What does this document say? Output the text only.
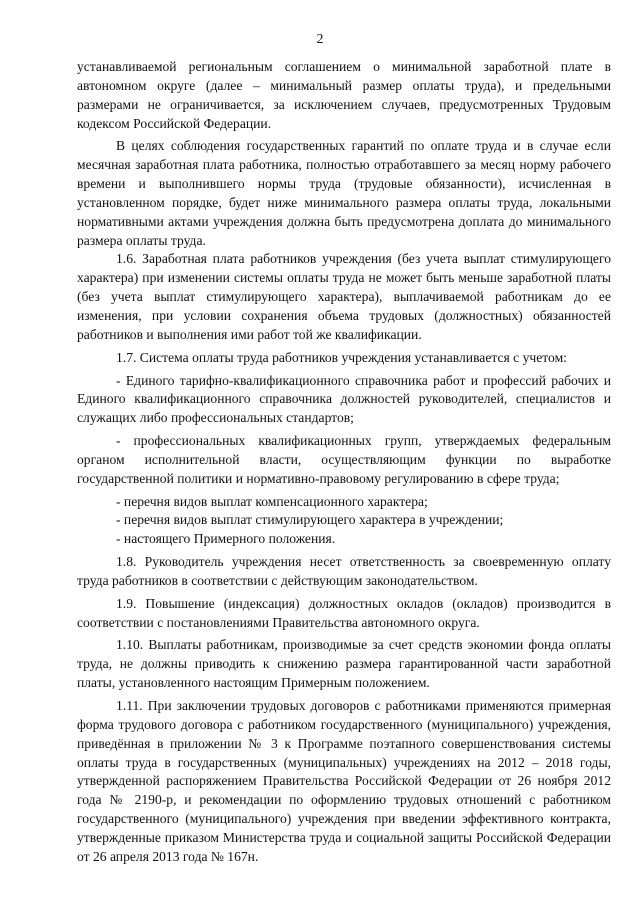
2

устанавливаемой региональным соглашением о минимальной заработной плате в автономном округе (далее – минимальный размер оплаты труда), и предельными размерами не ограничивается, за исключением случаев, предусмотренных Трудовым кодексом Российской Федерации.

В целях соблюдения государственных гарантий по оплате труда и в случае если месячная заработная плата работника, полностью отработавшего за месяц норму рабочего времени и выполнившего нормы труда (трудовые обязанности), исчисленная в установленном порядке, будет ниже минимального размера оплаты труда, локальными нормативными актами учреждения должна быть предусмотрена доплата до минимального размера оплаты труда.

1.6. Заработная плата работников учреждения (без учета выплат стимулирующего характера) при изменении системы оплаты труда не может быть меньше заработной платы (без учета выплат стимулирующего характера), выплачиваемой работникам до ее изменения, при условии сохранения объема трудовых (должностных) обязанностей работников и выполнения ими работ той же квалификации.

1.7. Система оплаты труда работников учреждения устанавливается с учетом:

- Единого тарифно-квалификационного справочника работ и профессий рабочих и Единого квалификационного справочника должностей руководителей, специалистов и служащих либо профессиональных стандартов;

- профессиональных квалификационных групп, утверждаемых федеральным органом исполнительной власти, осуществляющим функции по выработке государственной политики и нормативно-правовому регулированию в сфере труда;

- перечня видов выплат компенсационного характера;

- перечня видов выплат стимулирующего характера в учреждении;

- настоящего Примерного положения.

1.8. Руководитель учреждения несет ответственность за своевременную оплату труда работников в соответствии с действующим законодательством.

1.9. Повышение (индексация) должностных окладов (окладов) производится в соответствии с постановлениями Правительства автономного округа.

1.10. Выплаты работникам, производимые за счет средств экономии фонда оплаты труда, не должны приводить к снижению размера гарантированной части заработной платы, установленного настоящим Примерным положением.

1.11. При заключении трудовых договоров с работниками применяются примерная форма трудового договора с работником государственного (муниципального) учреждения, приведённая в приложении № 3 к Программе поэтапного совершенствования системы оплаты труда в государственных (муниципальных) учреждениях на 2012 – 2018 годы, утвержденной распоряжением Правительства Российской Федерации от 26 ноября 2012 года № 2190-р, и рекомендации по оформлению трудовых отношений с работником государственного (муниципального) учреждения при введении эффективного контракта, утвержденные приказом Министерства труда и социальной защиты Российской Федерации от 26 апреля 2013 года № 167н.
